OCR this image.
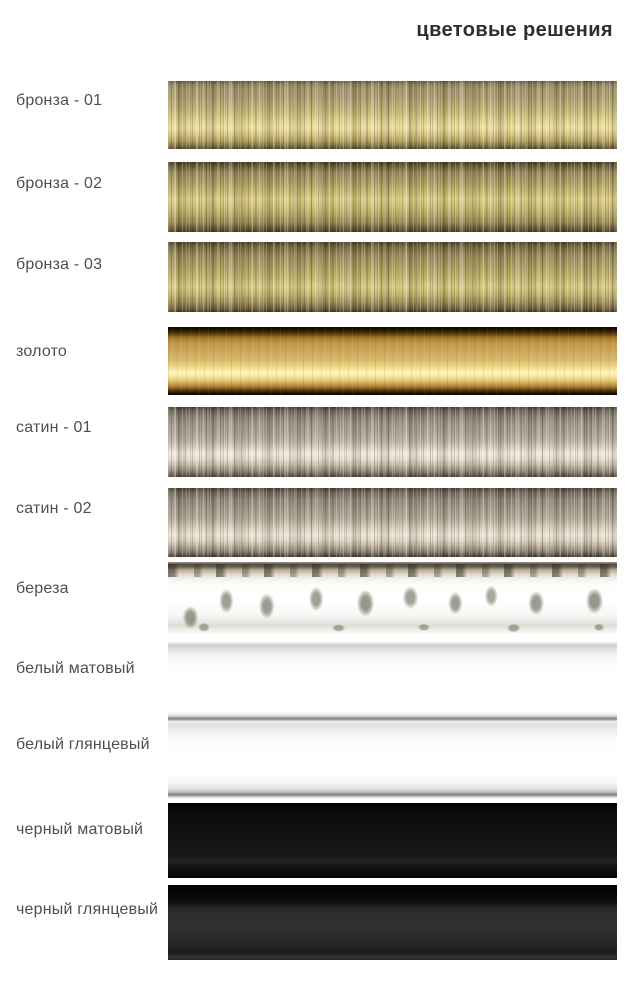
цветовые решения
бронза - 01
бронза - 02
бронза - 03
золото
сатин - 01
сатин - 02
береза
белый матовый
белый глянцевый
черный матовый
черный глянцевый
